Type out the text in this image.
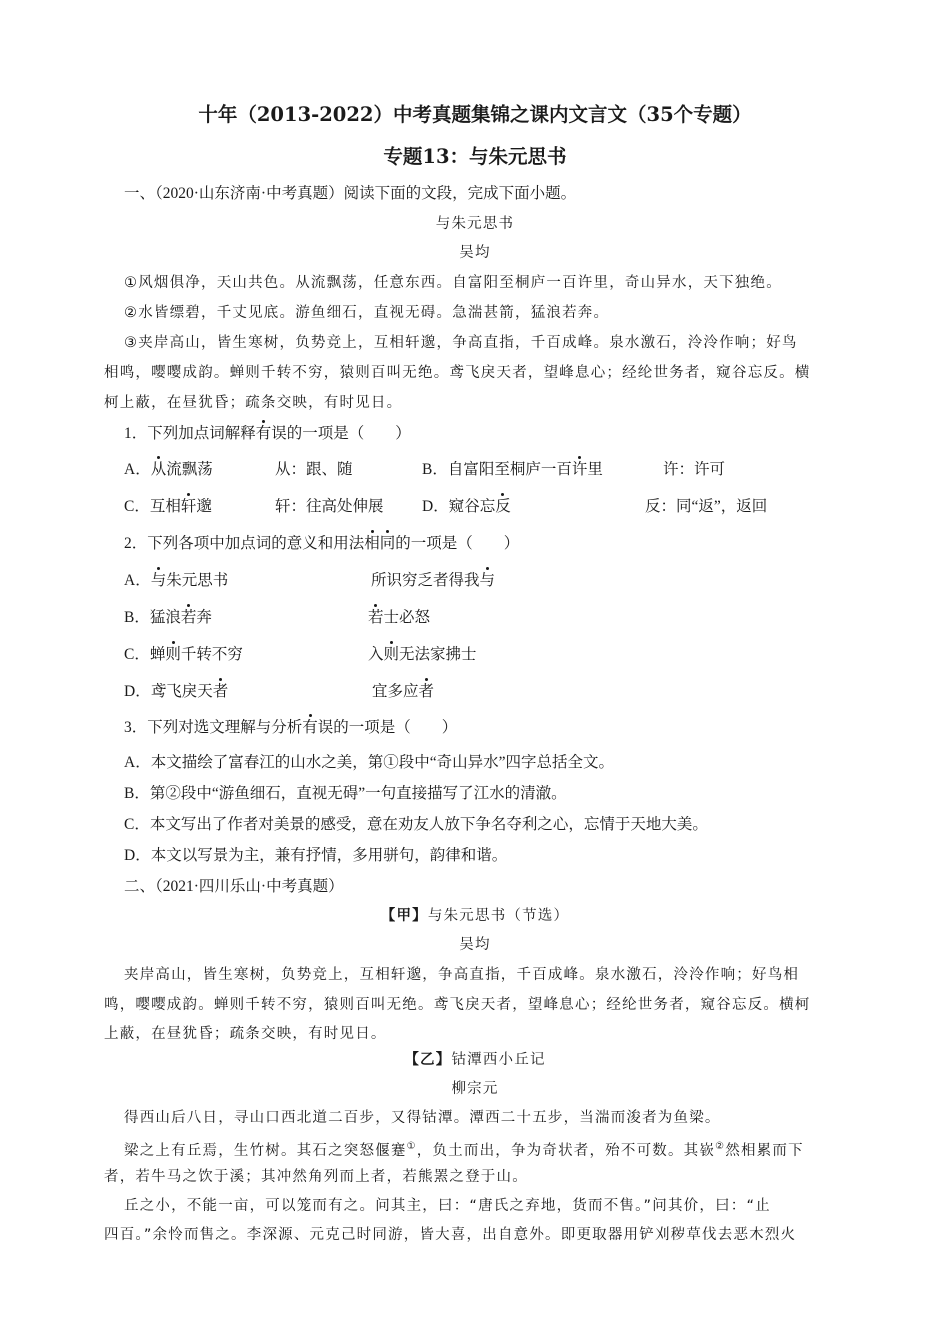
十年（2013-2022）中考真题集锦之课内文言文（35个专题）
专题13：与朱元思书
一、（2020·山东济南·中考真题）阅读下面的文段，完成下面小题。
与朱元思书
吴均
①风烟俱净，天山共色。从流飘荡，任意东西。自富阳至桐庐一百许里，奇山异水，天下独绝。
②水皆缥碧，千丈见底。游鱼细石，直视无碍。急湍甚箭，猛浪若奔。
③夹岸高山，皆生寒树，负势竞上，互相轩邈，争高直指，千百成峰。泉水激石，泠泠作响；好鸟
相鸣，嘤嘤成韵。蝉则千转不穷，猿则百叫无绝。鸢飞戾天者，望峰息心；经纶世务者，窥谷忘反。横
柯上蔽，在昼犹昏；疏条交映，有时见日。
1．下列加点词解释有误的一项是（　　）
A．从流飘荡	从：跟、随	B．自富阳至桐庐一百许里	许：许可
C．互相轩邈	轩：往高处伸展 D．窥谷忘反	反：同“返”，返回
2．下列各项中加点词的意义和用法相同的一项是（　　）
A．与朱元思书	所识穷乏者得我与
B．猛浪若奔	若士必怒
C．蝉则千转不穷	入则无法家拂士
D．鸢飞戾天者	宜多应者
3．下列对选文理解与分析有误的一项是（　　）
A．本文描绘了富春江的山水之美，第①段中“奇山异水”四字总括全文。
B．第②段中“游鱼细石，直视无碍”一句直接描写了江水的清澈。
C．本文写出了作者对美景的感受，意在劝友人放下争名夺利之心，忘情于天地大美。
D．本文以写景为主，兼有抒情，多用骈句，韵律和谐。
二、（2021·四川乐山·中考真题）
【甲】与朱元思书（节选）
吴均
夹岸高山，皆生寒树，负势竞上，互相轩邈，争高直指，千百成峰。泉水激石，泠泠作响；好鸟相
鸣，嘤嘤成韵。蝉则千转不穷，猿则百叫无绝。鸢飞戾天者，望峰息心；经纶世务者，窥谷忘反。横柯
上蔽，在昼犹昏；疏条交映，有时见日。
【乙】钴潭西小丘记
柳宗元
得西山后八日，寻山口西北道二百步，又得钴潭。潭西二十五步，当湍而浚者为鱼梁。
梁之上有丘焉，生竹树。其石之突怒偃蹇①，负土而出，争为奇状者，殆不可数。其嵚②然相累而下
者，若牛马之饮于溪；其冲然角列而上者，若熊罴之登于山。
丘之小，不能一亩，可以笼而有之。问其主，曰：“唐氏之弃地，货而不售。”问其价，曰：“止
四百。”余怜而售之。李深源、元克己时同游，皆大喜，出自意外。即更取器用铲刈秽草伐去恶木烈火
